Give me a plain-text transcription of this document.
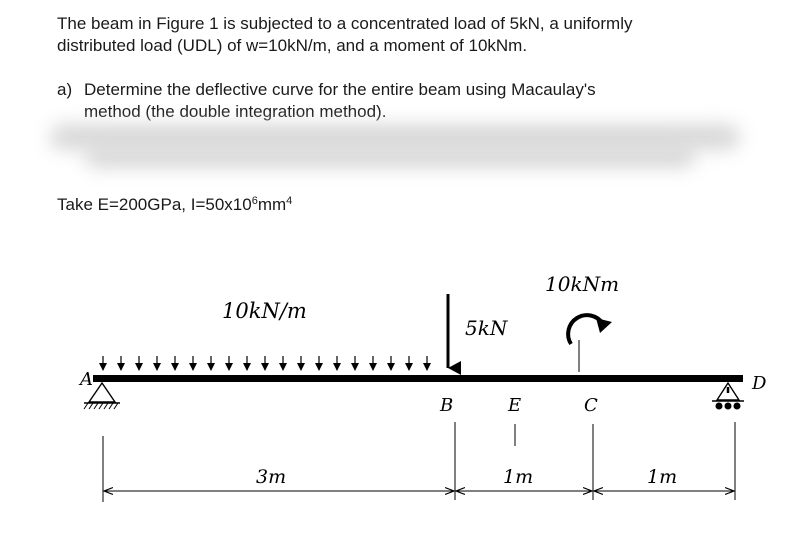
The beam in Figure 1 is subjected to a concentrated load of 5kN, a uniformly
distributed load (UDL) of w=10kN/m, and a moment of 10kNm.
a) Determine the deflective curve for the entire beam using Macaulay's
method (the double integration method).
Take E=200GPa, $I=50x10^6mm^4$
10kN/m
5kN
10kNm
A
B	E	C
D
3m	1m	1m
